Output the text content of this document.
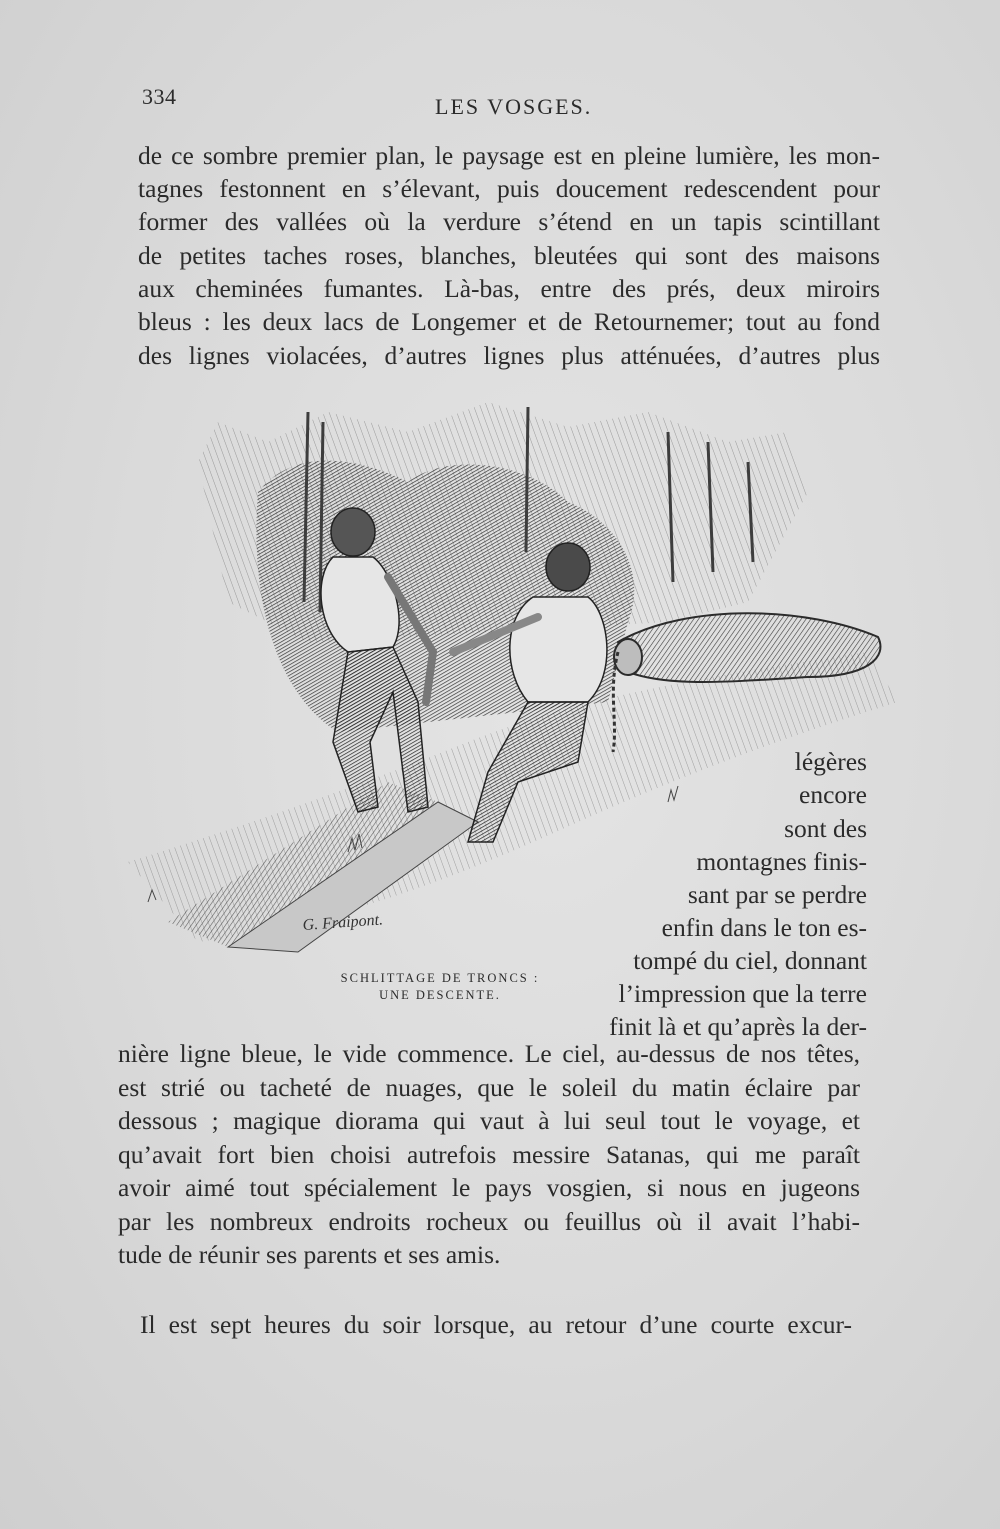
334	LES VOSGES.

de ce sombre premier plan, le paysage est en pleine lumière, les mon-

tagnes festonnent en s’élevant, puis doucement redescendent pour

former des vallées où la verdure s’étend en un tapis scintillant

de petites taches roses, blanches, bleutées qui sont des maisons

aux cheminées fumantes. Là-bas, entre des prés, deux miroirs

bleus : les deux lacs de Longemer et de Retournemer; tout au fond

des lignes violacées, d’autres lignes plus atténuées, d’autres plus

G. Fraipont.
SCHLITTAGE DE TRONCS :
UNE DESCENTE.

légères

encore

sont des

montagnes finis-

sant par se perdre

enfin dans le ton es-

tompé du ciel, donnant

l’impression que la terre

finit là et qu’après la der-

nière ligne bleue, le vide commence. Le ciel, au-dessus de nos têtes,

est strié ou tacheté de nuages, que le soleil du matin éclaire par

dessous ; magique diorama qui vaut à lui seul tout le voyage, et

qu’avait fort bien choisi autrefois messire Satanas, qui me paraît

avoir aimé tout spécialement le pays vosgien, si nous en jugeons

par les nombreux endroits rocheux ou feuillus où il avait l’habi-

tude de réunir ses parents et ses amis.

Il est sept heures du soir lorsque, au retour d’une courte excur-
